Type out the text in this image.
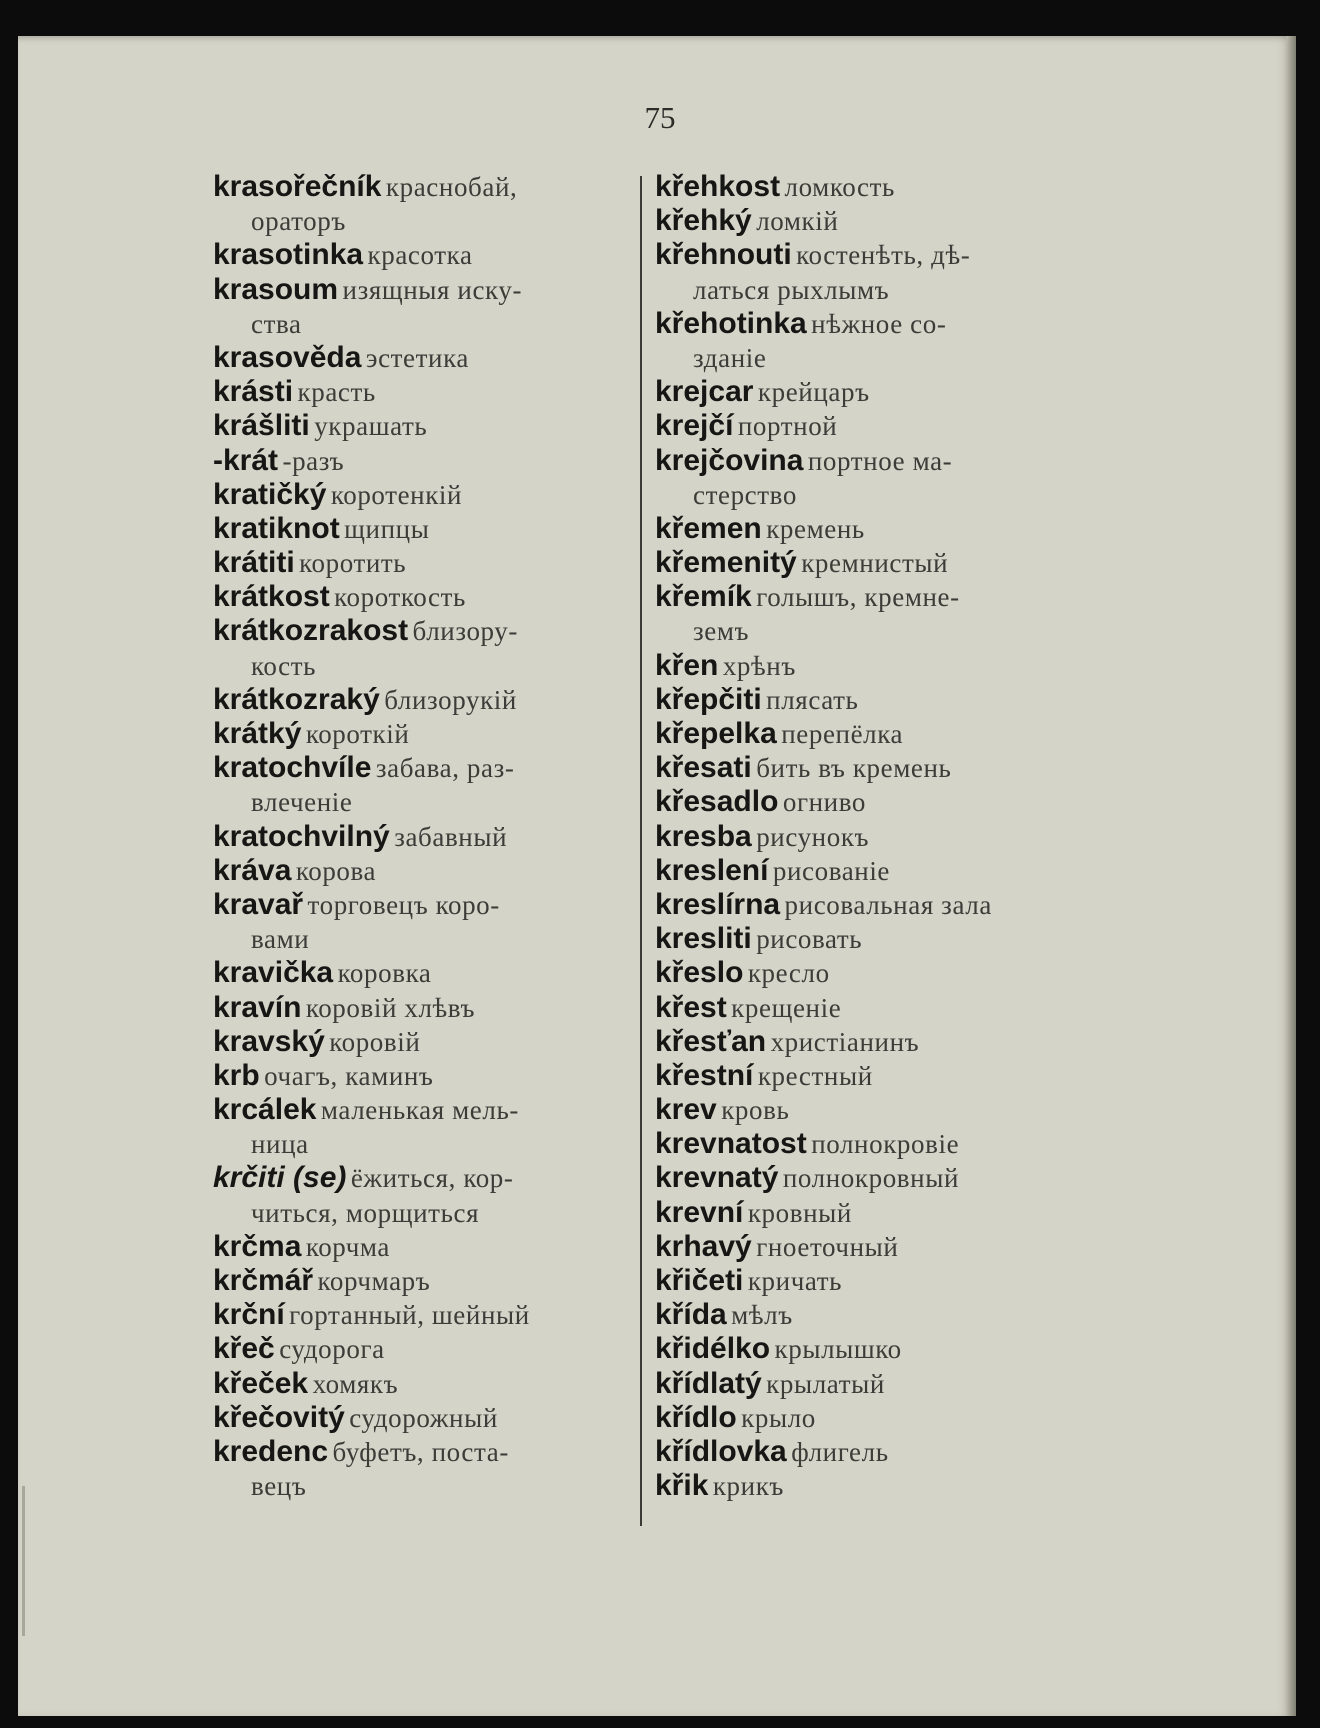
75
krasořečník краснобай,
ораторъ
krasotinka красотка
krasoum изящныя иску-
ства
krasověda эстетика
krásti красть
krášliti украшать
-krát -разъ
kratičký коротенкій
kratiknot щипцы
krátiti коротить
krátkost короткость
krátkozrakost близору-
кость
krátkozraký близорукій
krátký короткій
kratochvíle забава, раз-
влеченіе
kratochvilný забавный
kráva корова
kravař торговецъ коро-
вами
kravička коровка
kravín коровій хлѣвъ
kravský коровій
krb очагъ, каминъ
krcálek маленькая мель-
ница
krčiti (se) ёжиться, кор-
читься, морщиться
krčma корчма
krčmář корчмаръ
krční гортанный, шейный
křeč судорога
křeček хомякъ
křečovitý судорожный
kredenc буфетъ, поста-
вецъ
křehkost ломкость
křehký ломкій
křehnouti костенѣть, дѣ-
латься рыхлымъ
křehotinka нѣжное со-
зданіе
krejcar крейцаръ
krejčí портной
krejčovina портное ма-
стерство
křemen кремень
křemenitý кремнистый
křemík голышъ, кремне-
земъ
křen хрѣнъ
křepčiti плясать
křepelka перепёлка
křesati бить въ кремень
křesadlo огниво
kresba рисунокъ
kreslení рисованіе
kreslírna рисовальная зала
kresliti рисовать
křeslo кресло
křest крещеніе
křesťan христіанинъ
křestní крестный
krev кровь
krevnatost полнокровіе
krevnatý полнокровный
krevní кровный
krhavý гноеточный
křičeti кричать
křída мѣлъ
křidélko крылышко
křídlatý крылатый
křídlo крыло
křídlovka флигель
křik крикъ
